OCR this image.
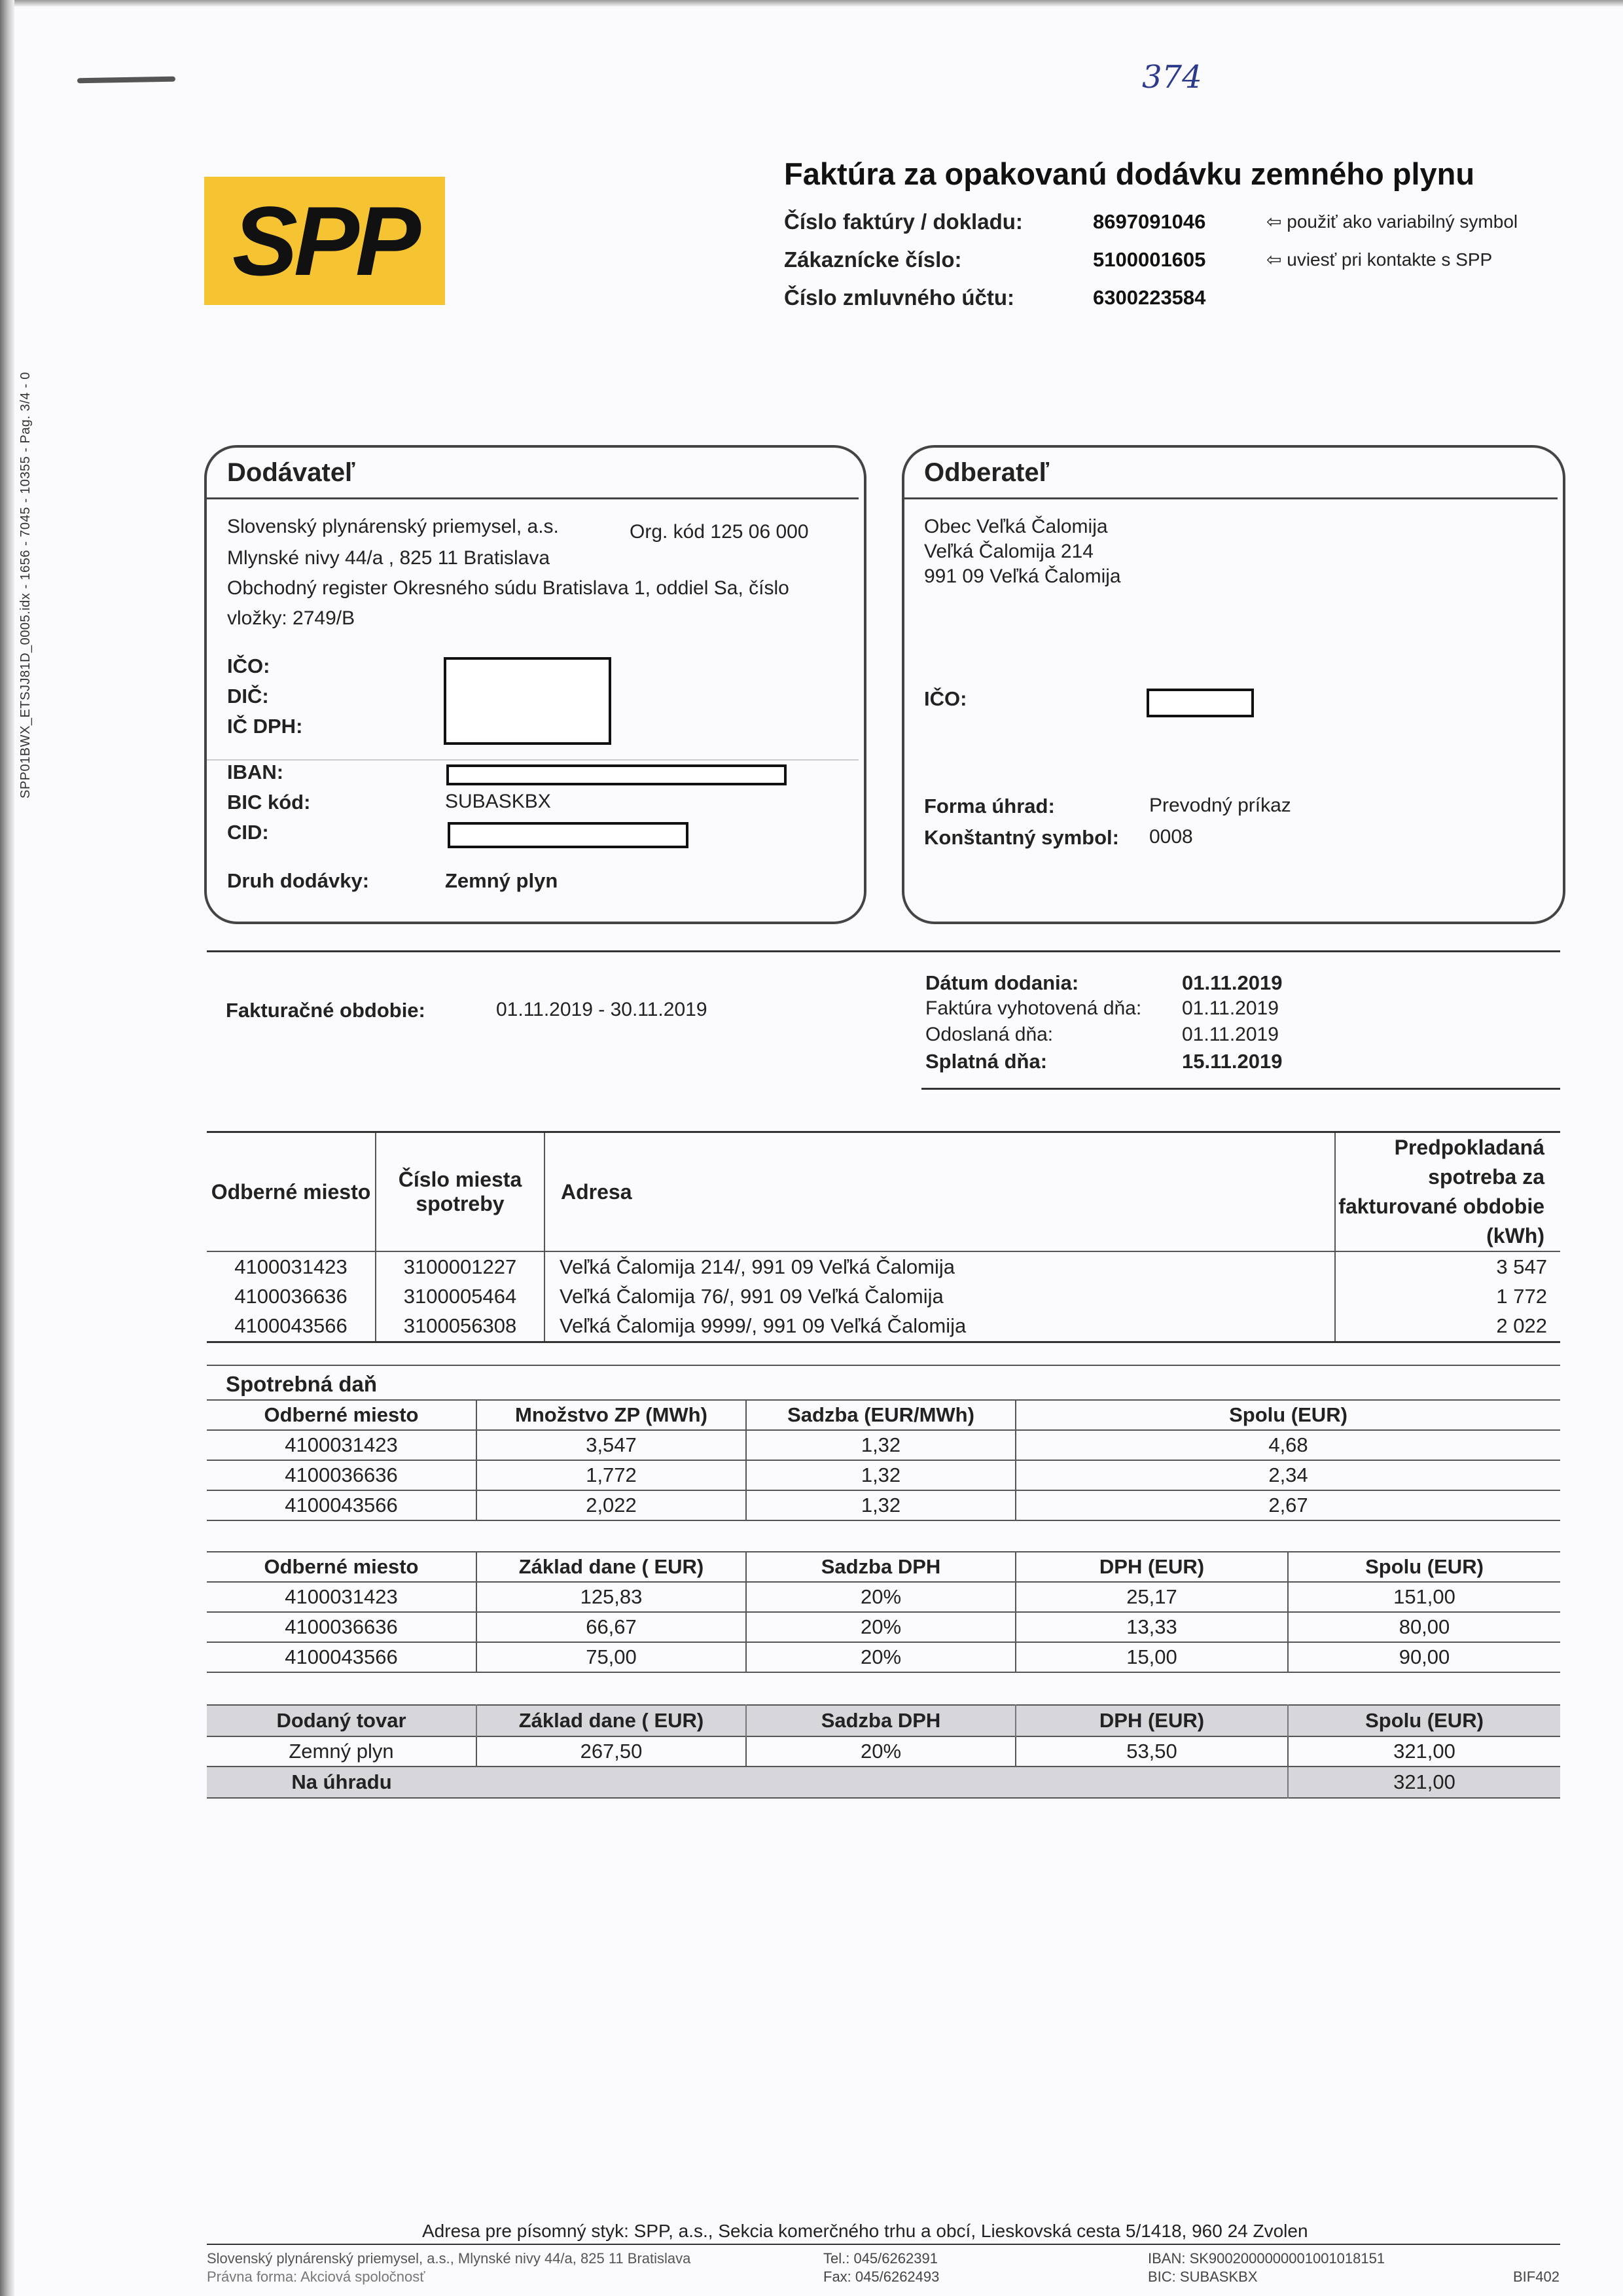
SPP01BWX_ETSJJ81D_0005.idx - 1656 - 7045 - 10355 - Pag. 3/4 - 0
374
SPP
Faktúra za opakovanú dodávku zemného plynu
Číslo faktúry / dokladu:	8697091046	⇦ použiť ako variabilný symbol
Zákaznícke číslo:	5100001605	⇦ uviesť pri kontakte s SPP
Číslo zmluvného účtu:	6300223584
Dodávateľ
Slovenský plynárenský priemysel, a.s.	Org. kód 125 06 000
Mlynské nivy 44/a , 825 11 Bratislava
Obchodný register Okresného súdu Bratislava 1, oddiel Sa, číslo
vložky: 2749/B
IČO:
DIČ:
IČ DPH:
IBAN:
BIC kód:	SUBASKBX
CID:
Druh dodávky:	Zemný plyn
Odberateľ
Obec Veľká Čalomija
Veľká Čalomija 214
991 09 Veľká Čalomija
IČO:
Forma úhrad:	Prevodný príkaz
Konštantný symbol: 0008
Fakturačné obdobie:	01.11.2019 - 30.11.2019
Dátum dodania:	01.11.2019
Faktúra vyhotovená dňa: 01.11.2019
Odoslaná dňa:	01.11.2019
Splatná dňa:	15.11.2019
Odberné miesto	Číslo miesta spotreby	Adresa	Predpokladaná spotreba za fakturované obdobie (kWh)
4100031423	3100001227	Veľká Čalomija 214/, 991 09 Veľká Čalomija	3 547
4100036636	3100005464	Veľká Čalomija 76/, 991 09 Veľká Čalomija	1 772
4100043566	3100056308	Veľká Čalomija 9999/, 991 09 Veľká Čalomija	2 022
Spotrebná daň
Odberné miesto	Množstvo ZP (MWh)	Sadzba (EUR/MWh)	Spolu (EUR)
4100031423	3,547	1,32	4,68
4100036636	1,772	1,32	2,34
4100043566	2,022	1,32	2,67
Odberné miesto	Základ dane ( EUR)	Sadzba DPH	DPH (EUR)	Spolu (EUR)
4100031423	125,83	20%	25,17	151,00
4100036636	66,67	20%	13,33	80,00
4100043566	75,00	20%	15,00	90,00
Dodaný tovar	Základ dane ( EUR)	Sadzba DPH	DPH (EUR)	Spolu (EUR)
Zemný plyn	267,50	20%	53,50	321,00
Na úhradu				321,00
Adresa pre písomný styk: SPP, a.s., Sekcia komerčného trhu a obcí, Lieskovská cesta 5/1418, 960 24 Zvolen
Slovenský plynárenský priemysel, a.s., Mlynské nivy 44/a, 825 11 Bratislava
Právna forma: Akciová spoločnosť
Tel.: 045/6262391
Fax: 045/6262493
IBAN: SK9002000000001001018151
BIC: SUBASKBX	BIF402
